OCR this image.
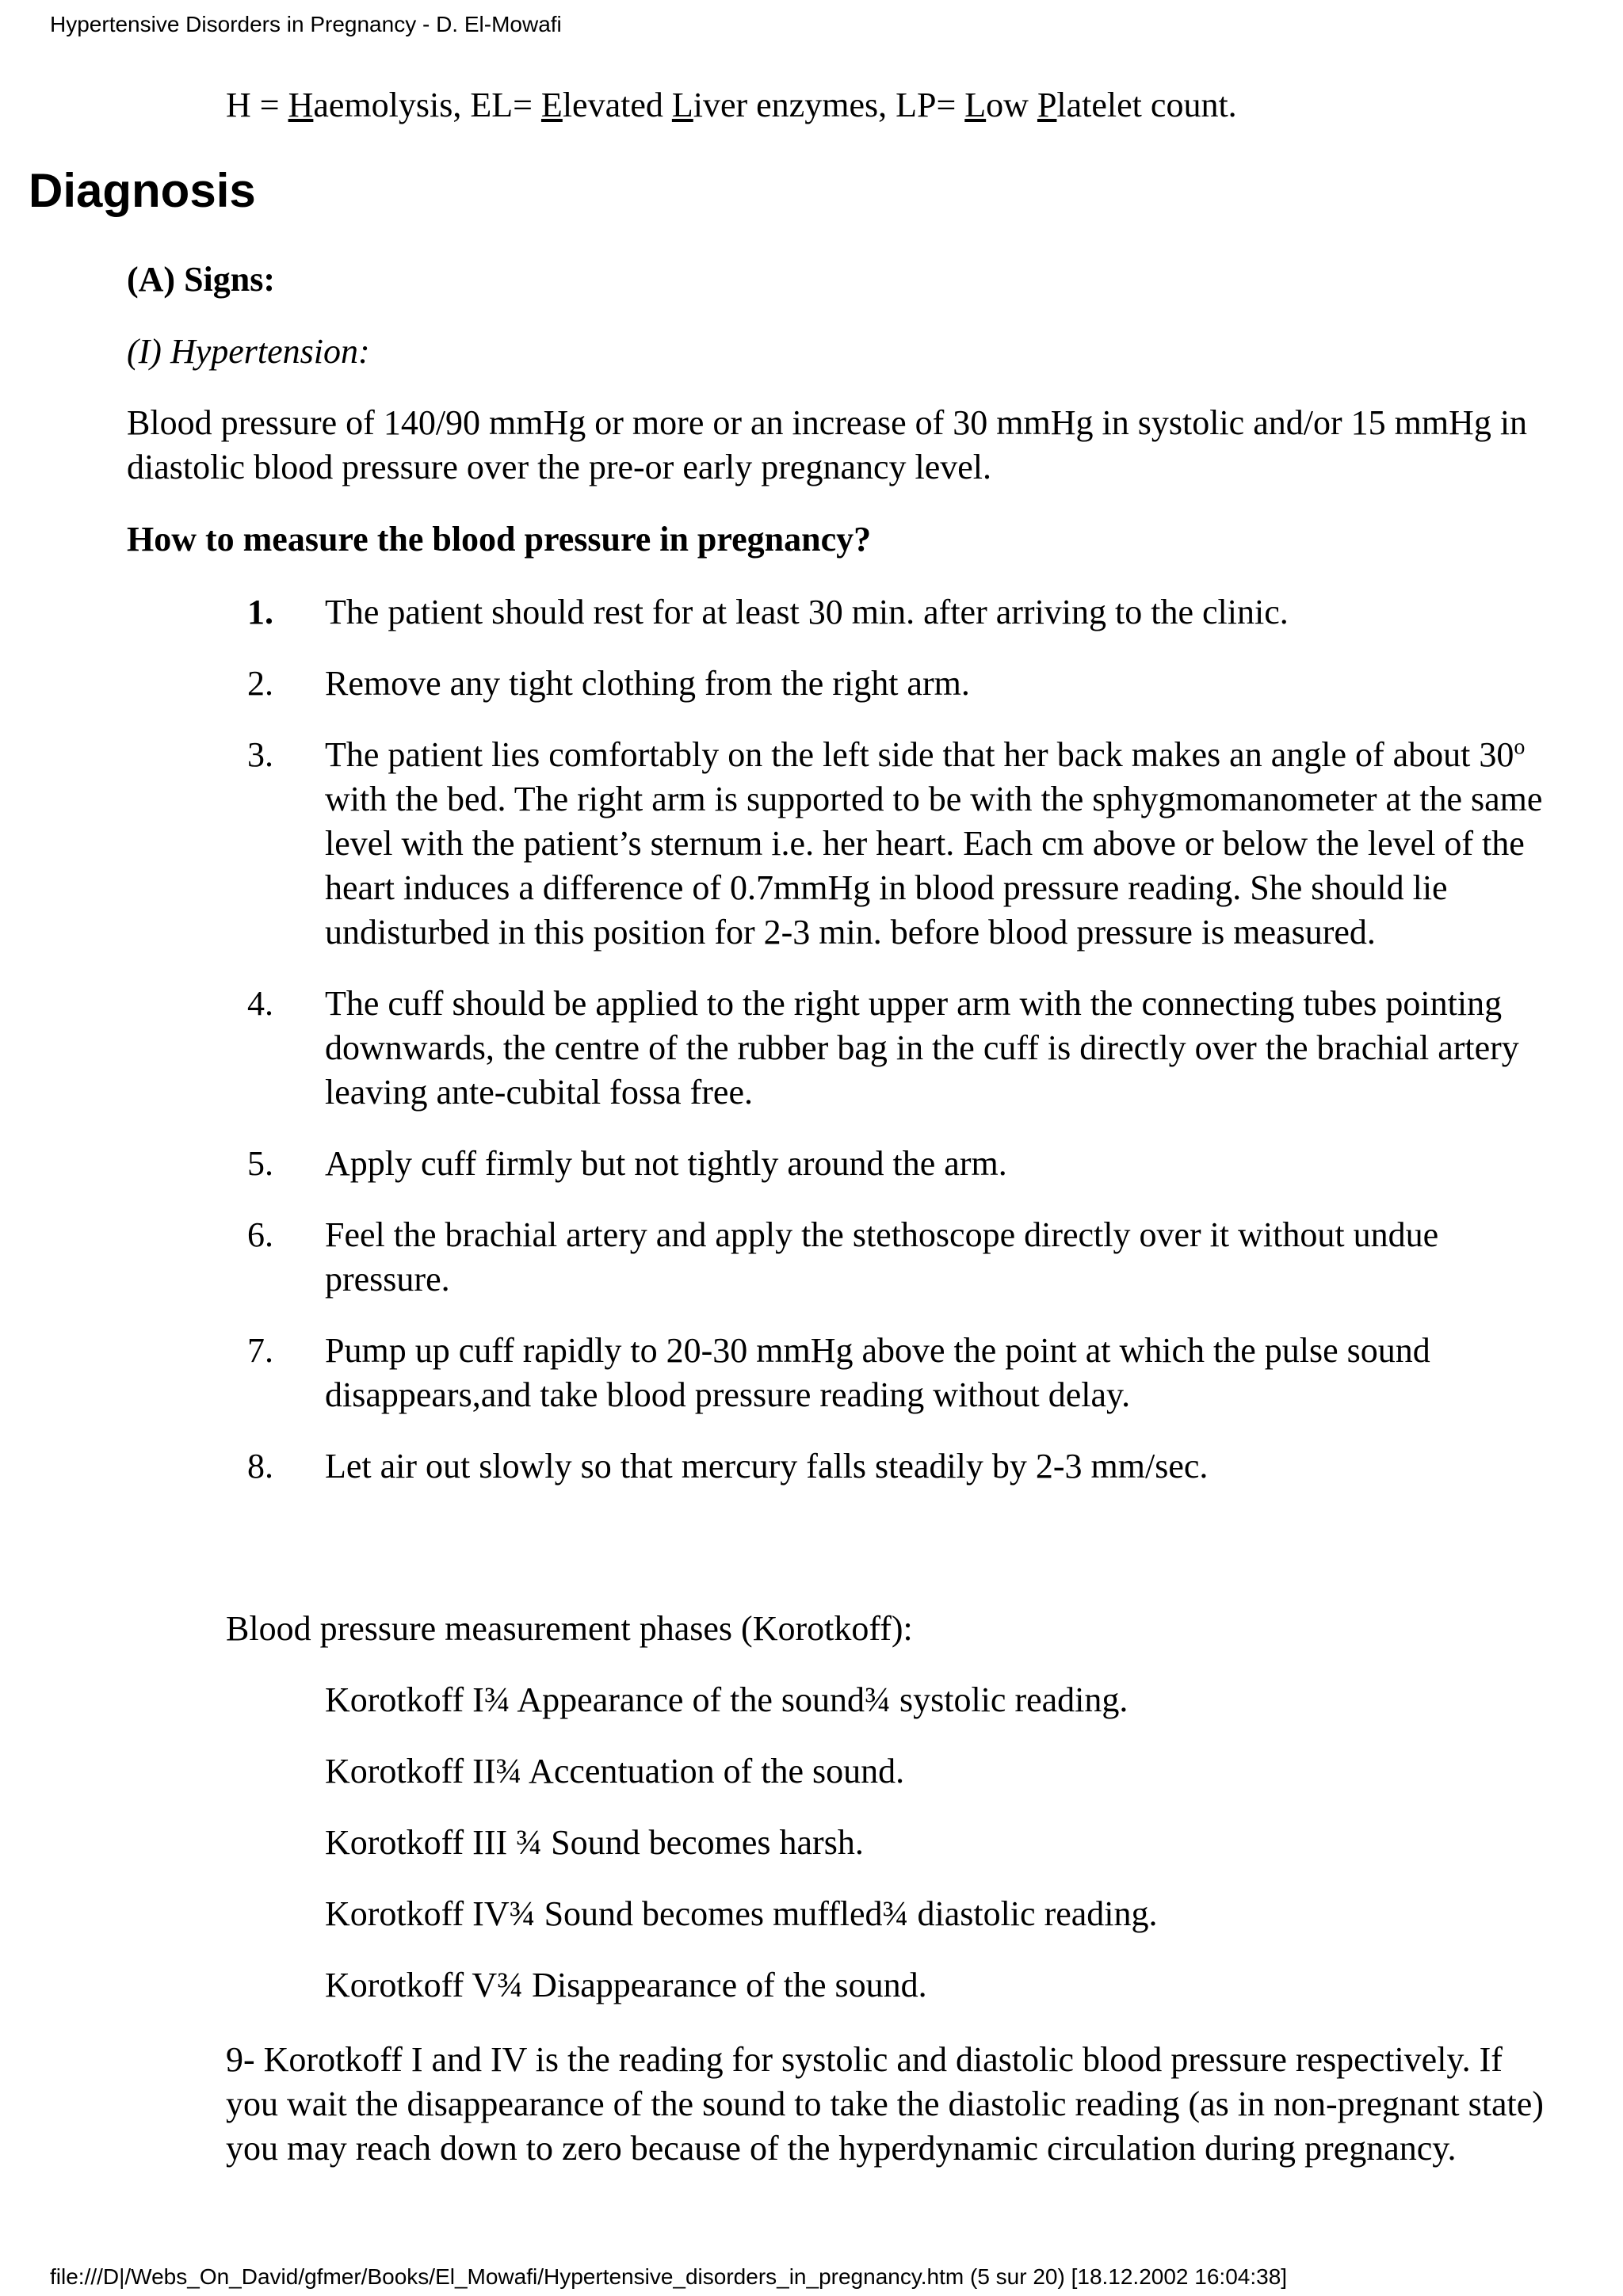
Hypertensive Disorders in Pregnancy - D. El-Mowafi
H = Haemolysis, EL= Elevated Liver enzymes, LP= Low Platelet count.
Diagnosis

(A) Signs:

(I) Hypertension:

Blood pressure of 140/90 mmHg or more or an increase of 30 mmHg in systolic and/or 15 mmHg in diastolic blood pressure over the pre-or early pregnancy level.

How to measure the blood pressure in pregnancy?

1. The patient should rest for at least 30 min. after arriving to the clinic.
2. Remove any tight clothing from the right arm.
3. The patient lies comfortably on the left side that her back makes an angle of about 30$^o$ with the bed. The right arm is supported to be with the sphygmomanometer at the same level with the patient’s sternum i.e. her heart. Each cm above or below the level of the heart induces a difference of 0.7mmHg in blood pressure reading. She should lie undisturbed in this position for 2-3 min. before blood pressure is measured.
4. The cuff should be applied to the right upper arm with the connecting tubes pointing downwards, the centre of the rubber bag in the cuff is directly over the brachial artery leaving ante-cubital fossa free.
5. Apply cuff firmly but not tightly around the arm.
6. Feel the brachial artery and apply the stethoscope directly over it without undue pressure.
7. Pump up cuff rapidly to 20-30 mmHg above the point at which the pulse sound disappears,and take blood pressure reading without delay.
8. Let air out slowly so that mercury falls steadily by 2-3 mm/sec.
Blood pressure measurement phases (Korotkoff):
Korotkoff I¾ Appearance of the sound¾ systolic reading.
Korotkoff II¾ Accentuation of the sound.
Korotkoff III ¾ Sound becomes harsh.
Korotkoff IV¾ Sound becomes muffled¾ diastolic reading.
Korotkoff V¾ Disappearance of the sound.

9- Korotkoff I and IV is the reading for systolic and diastolic blood pressure respectively. If you wait the disappearance of the sound to take the diastolic reading (as in non-pregnant state) you may reach down to zero because of the hyperdynamic circulation during pregnancy.

file:///D|/Webs_On_David/gfmer/Books/El_Mowafi/Hypertensive_disorders_in_pregnancy.htm (5 sur 20) [18.12.2002 16:04:38]
